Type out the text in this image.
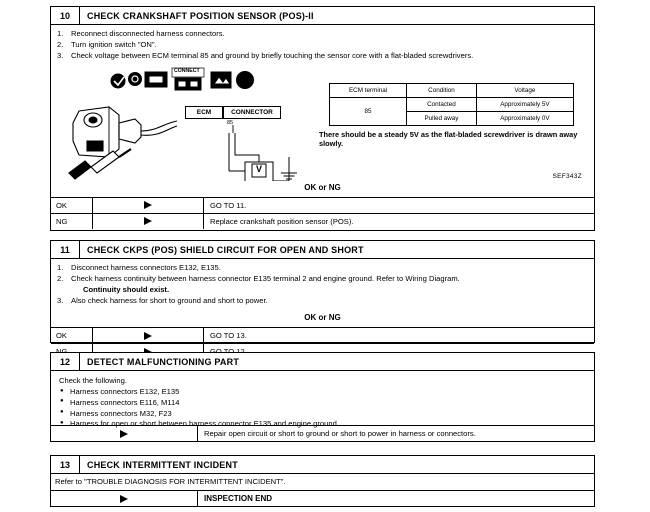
10	CHECK CRANKSHAFT POSITION SENSOR (POS)-II
1.	Reconnect disconnected harness connectors.
2.	Turn ignition switch "ON".
3.	Check voltage between ECM terminal 85 and ground by briefly touching the sensor core with a flat-bladed screwdrivers.
15
CONNECT
V
ECM	CONNECTOR
85
ECM terminal	Condition	Voltage
85	Contacted	Approximately 5V
	Pulled away	Approximately 0V
There should be a steady 5V as the flat-bladed screwdriver is drawn away slowly.
SEF343Z
OK or NG
OK	GO TO 11.
NG	Replace crankshaft position sensor (POS).
11	CHECK CKPS (POS) SHIELD CIRCUIT FOR OPEN AND SHORT
1.	Disconnect harness connectors E132, E135.
2.	Check harness continuity between harness connector E135 terminal 2 and engine ground. Refer to Wiring Diagram.
Continuity should exist.
3.	Also check harness for short to ground and short to power.
OK or NG
OK	GO TO 13.
12	DETECT MALFUNCTIONING PART
Check the following.
● Harness connectors E132, E135
● Harness connectors E116, M114
● Harness connectors M32, F23
● Harness for open or short between harness connector E135 and engine ground
Repair open circuit or short to ground or short to power in harness or connectors.
13	CHECK INTERMITTENT INCIDENT
Refer to "TROUBLE DIAGNOSIS FOR INTERMITTENT INCIDENT".
INSPECTION END
